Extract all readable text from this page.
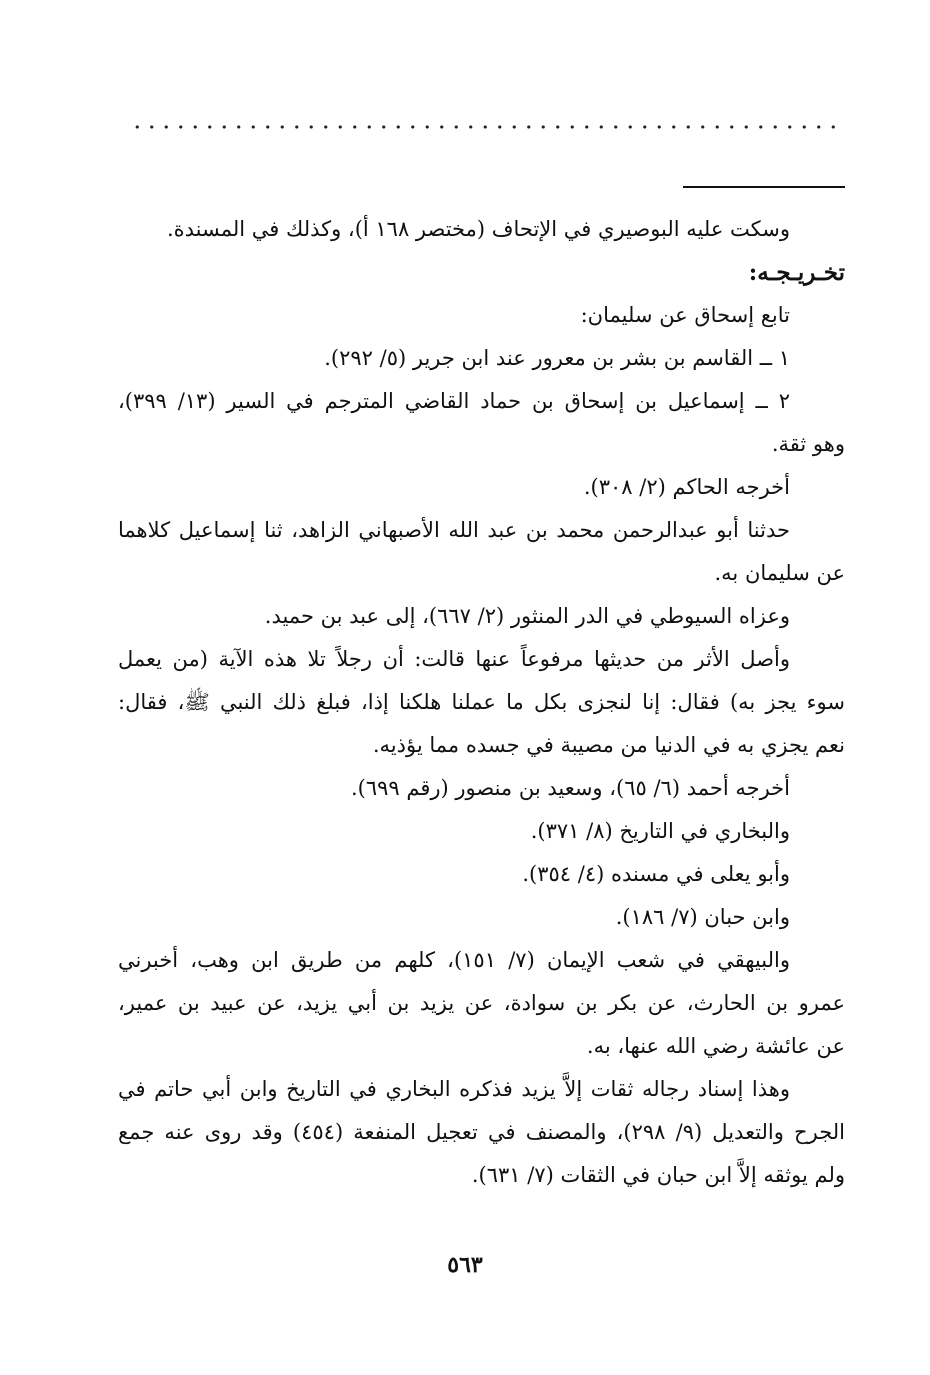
وسكت عليه البوصيري في الإتحاف (مختصر ١٦٨ أ)، وكذلك في المسندة.
تخـريـجـه:
تابع إسحاق عن سليمان:
١ ــ القاسم بن بشر بن معرور عند ابن جرير (٥/ ٢٩٢).
٢ ــ إسماعيل بن إسحاق بن حماد القاضي المترجم في السير (١٣/ ٣٩٩)،
وهو ثقة.
أخرجه الحاكم (٢/ ٣٠٨).
حدثنا أبو عبدالرحمن محمد بن عبد الله الأصبهاني الزاهد، ثنا إسماعيل كلاهما
عن سليمان به.
وعزاه السيوطي في الدر المنثور (٢/ ٦٦٧)، إلى عبد بن حميد.
وأصل الأثر من حديثها مرفوعاً عنها قالت: أن رجلاً تلا هذه الآية (من يعمل
سوء يجز به) فقال: إنا لنجزى بكل ما عملنا هلكنا إذا، فبلغ ذلك النبي ﷺ، فقال:
نعم يجزي به في الدنيا من مصيبة في جسده مما يؤذيه.
أخرجه أحمد (٦/ ٦٥)، وسعيد بن منصور (رقم ٦٩٩).
والبخاري في التاريخ (٨/ ٣٧١).
وأبو يعلى في مسنده (٤/ ٣٥٤).
وابن حبان (٧/ ١٨٦).
والبيهقي في شعب الإيمان (٧/ ١٥١)، كلهم من طريق ابن وهب، أخبرني
عمرو بن الحارث، عن بكر بن سوادة، عن يزيد بن أبي يزيد، عن عبيد بن عمير،
عن عائشة رضي الله عنها، به.
وهذا إسناد رجاله ثقات إلاَّ يزيد فذكره البخاري في التاريخ وابن أبي حاتم في
الجرح والتعديل (٩/ ٢٩٨)، والمصنف في تعجيل المنفعة (٤٥٤) وقد روى عنه جمع
ولم يوثقه إلاَّ ابن حبان في الثقات (٧/ ٦٣١).
٥٦٣
